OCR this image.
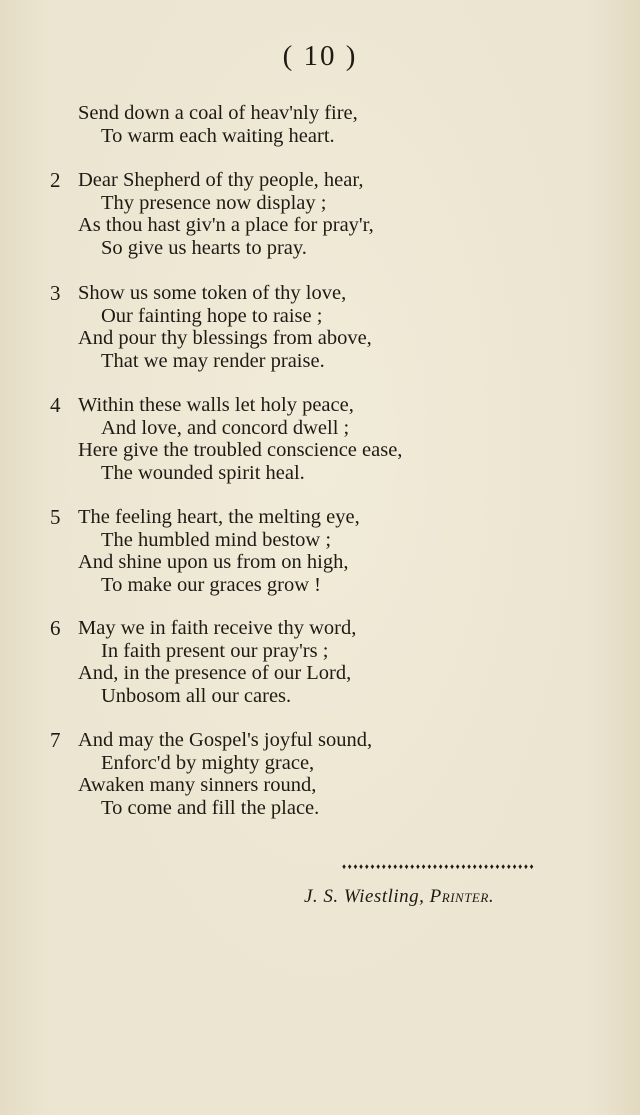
( 10 )
Send down a coal of heav'nly fire,
To warm each waiting heart.
2 Dear Shepherd of thy people, hear,
Thy presence now display ;
As thou hast giv'n a place for pray'r,
So give us hearts to pray.
3 Show us some token of thy love,
Our fainting hope to raise ;
And pour thy blessings from above,
That we may render praise.
4 Within these walls let holy peace,
And love, and concord dwell ;
Here give the troubled conscience ease,
The wounded spirit heal.
5 The feeling heart, the melting eye,
The humbled mind bestow ;
And shine upon us from on high,
To make our graces grow !
6 May we in faith receive thy word,
In faith present our pray'rs ;
And, in the presence of our Lord,
Unbosom all our cares.
7 And may the Gospel's joyful sound,
Enforc'd by mighty grace,
Awaken many sinners round,
To come and fill the place.
♦♦♦♦♦♦♦♦♦♦♦♦♦♦♦♦♦♦♦♦♦♦♦♦♦♦♦♦♦♦♦♦♦♦
J. S. Wiestling, Printer.
